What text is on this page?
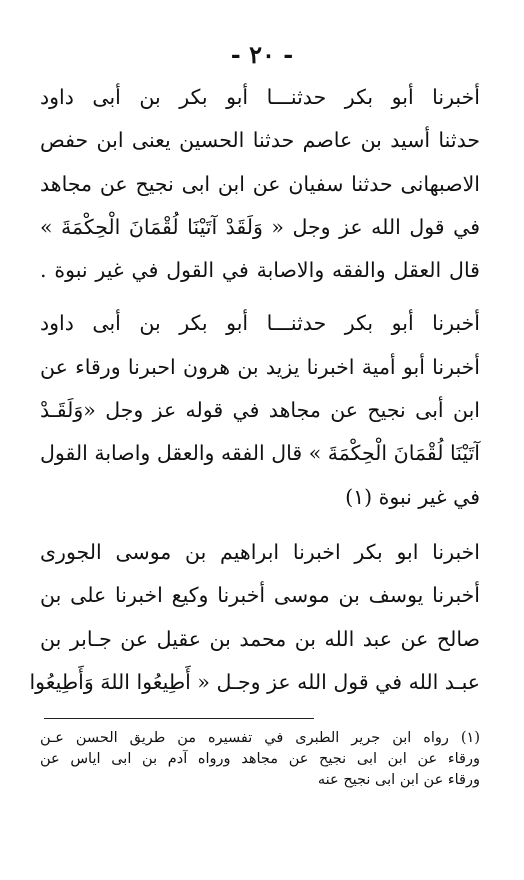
- ٢٠ -

أخبرنا أبو بكر حدثنـــا أبو بكر بن أبى داود
حدثنا أسيد بن عاصم حدثنا الحسين يعنى ابن حفص
الاصبهانى حدثنا سفيان عن ابن ابى نجيح عن مجاهد
في قول الله عز وجل « وَلَقَدْ آتَيْنَا لُقْمَانَ الْحِكْمَةَ »
قال العقل والفقه والاصابة في القول في غير نبوة .

أخبرنا أبو بكر حدثنـــا أبو بكر بن أبى داود
أخبرنا أبو أمية اخبرنا يزيد بن هرون احبرنا ورقاء عن
ابن أبى نجيح عن مجاهد في قوله عز وجل «وَلَقَـدْ
آتَيْنَا لُقْمَانَ الْحِكْمَةَ » قال الفقه والعقل واصابة القول
في غير نبوة (١)

اخبرنا ابو بكر اخبرنا ابراهيم بن موسى الجورى
أخبرنا يوسف بن موسى أخبرنا وكيع اخبرنا على بن
صالح عن عبد الله بن محمد بن عقيل عن جـابر بن
عبـد الله في قول الله عز وجـل « أَطِيعُوا اللهَ وَأَطِيعُوا

(١) رواه ابن جرير الطبرى في تفسيره من طريق الحسن عـن
ورقاء عن ابن ابى نجيح عن مجاهد ورواه آدم بن ابى اياس عن
ورقاء عن ابن ابى نجيح عنه
